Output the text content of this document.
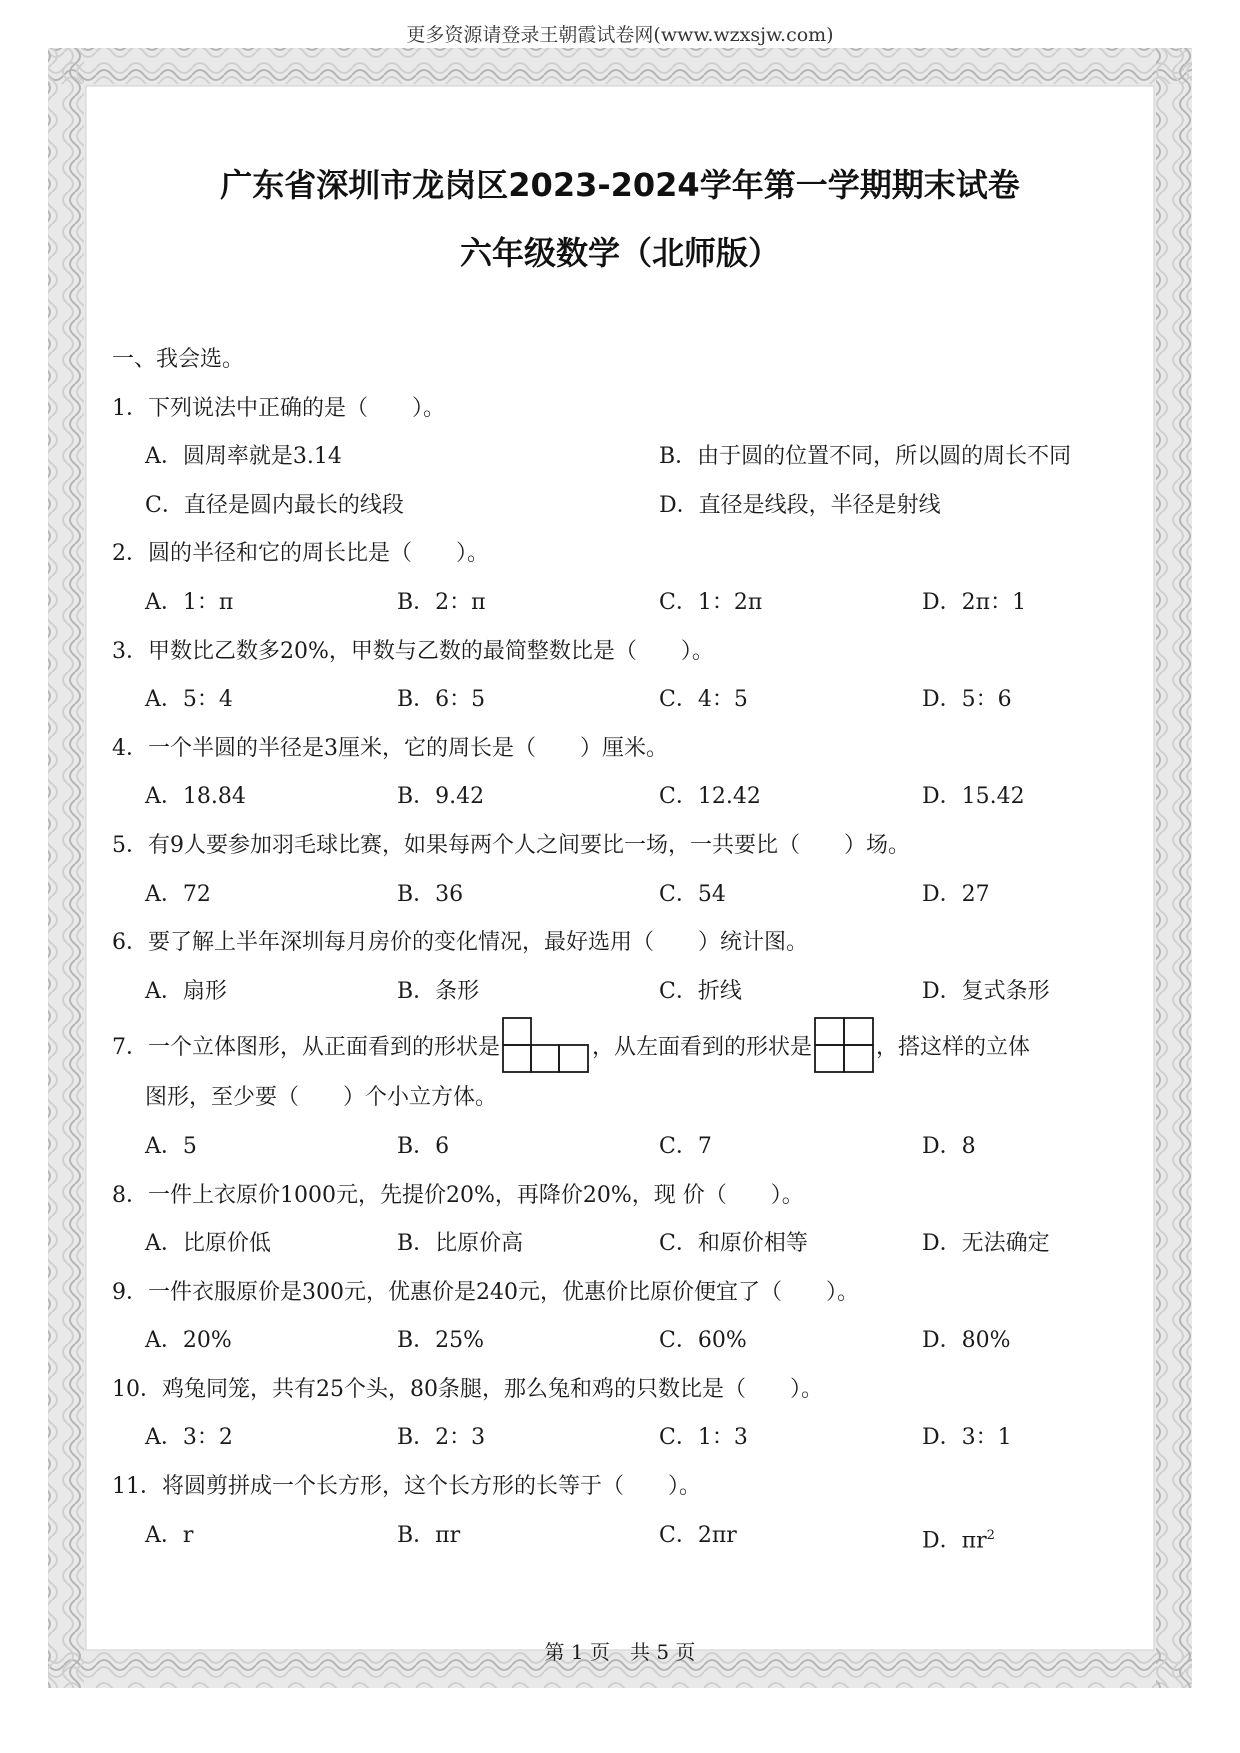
更多资源请登录王朝霞试卷网(www.wzxsjw.com)
广东省深圳市龙岗区2023-2024学年第一学期期末试卷
六年级数学（北师版）
一、我会选。
1．下列说法中正确的是（　　）。
A．圆周率就是3.14	B．由于圆的位置不同，所以圆的周长不同
C．直径是圆内最长的线段	D．直径是线段，半径是射线
2．圆的半径和它的周长比是（　　）。
A．1：π	B．2：π	C．1：2π	D．2π：1
3．甲数比乙数多20%，甲数与乙数的最简整数比是（　　）。
A．5：4	B．6：5	C．4：5	D．5：6
4．一个半圆的半径是3厘米，它的周长是（　　）厘米。
A．18.84	B．9.42	C．12.42	D．15.42
5．有9人要参加羽毛球比赛，如果每两个人之间要比一场，一共要比（　　）场。
A．72	B．36	C．54	D．27
6．要了解上半年深圳每月房价的变化情况，最好选用（　　）统计图。
A．扇形	B．条形	C．折线	D．复式条形
7．一个立体图形，从正面看到的形状是	，从左面看到的形状是	，搭这样的立体
图形，至少要（　　）个小立方体。
A．5	B．6	C．7	D．8
8．一件上衣原价1000元，先提价20%，再降价20%，现 价（　　）。
A．比原价低	B．比原价高	C．和原价相等	D．无法确定
9．一件衣服原价是300元，优惠价是240元，优惠价比原价便宜了（　　）。
A．20%	B．25%	C．60%	D．80%
10．鸡兔同笼，共有25个头，80条腿，那么兔和鸡的只数比是（　　）。
A．3：2	B．2：3	C．1：3	D．3：1
11．将圆剪拼成一个长方形，这个长方形的长等于（　　）。
A．r	B．πr	C．2πr	D．$\pi r^2$
第 1 页　共 5 页
